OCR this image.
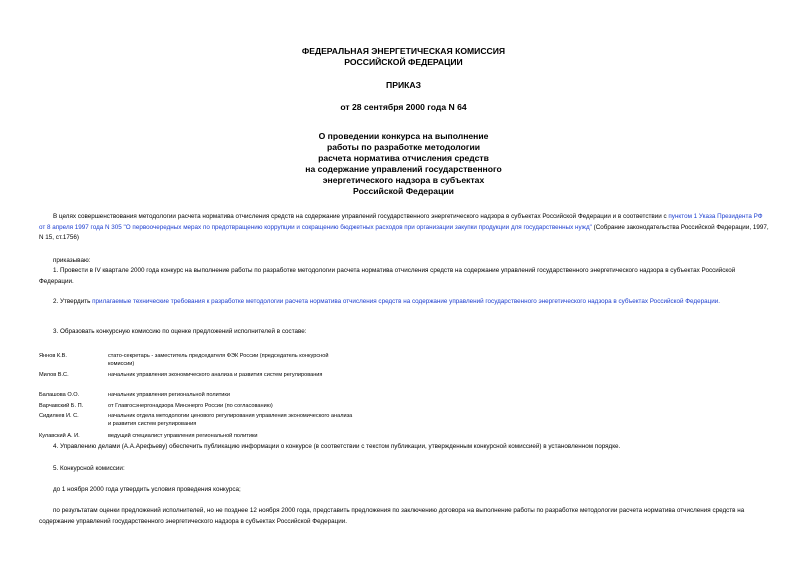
ФЕДЕРАЛЬНАЯ ЭНЕРГЕТИЧЕСКАЯ КОМИССИЯ
РОССИЙСКОЙ ФЕДЕРАЦИИ
ПРИКАЗ
от 28 сентября 2000 года N 64
О проведении конкурса на выполнение
работы по разработке методологии
расчета норматива отчисления средств
на содержание управлений государственного
энергетического надзора в субъектах
Российской Федерации
В целях совершенствования методологии расчета норматива отчисления средств на содержание управлений государственного энергетического надзора в субъектах Российской Федерации и в соответствии с пунктом 1 Указа Президента РФ от 8 апреля 1997 года N 305 "О первоочередных мерах по предотвращению коррупции и сокращению бюджетных расходов при организации закупки продукции для государственных нужд" (Собрание законодательства Российской Федерации, 1997, N 15, ст.1756)
приказываю:
1. Провести в IV квартале 2000 года конкурс на выполнение работы по разработке методологии расчета норматива отчисления средств на содержание управлений государственного энергетического надзора в субъектах Российской Федерации.
2. Утвердить прилагаемые технические требования к разработке методологии расчета норматива отчисления средств на содержание управлений государственного энергетического надзора в субъектах Российской Федерации.
3. Образовать конкурсную комиссию по оценке предложений исполнителей в составе:
Яннов К.В.	стато-секретарь - заместитель председателя ФЭК России (председатель конкурсной комиссии)
Милов В.С.	начальник управления экономического анализа и развития систем регулирования
Балашова О.О.	начальник управления региональной политики
Варчавский Б. П.	от Главгосэнергонадзора Минэнерго России (по согласованию)
Сидилкев И. С.	начальник отдела методологии ценового регулирования управления экономического анализа и развития систем регулирования
Кулавский А. И.	ведущий специалист управления региональной политики
4. Управлению делами (А.А.Арефьеву) обеспечить публикацию информации о конкурсе (в соответствии с текстом публикации, утвержденным конкурсной комиссией) в установленном порядке.
5. Конкурсной комиссии:
до 1 ноября 2000 года утвердить условия проведения конкурса;
по результатам оценки предложений исполнителей, но не позднее 12 ноября 2000 года, представить предложения по заключению договора на выполнение работы по разработке методологии расчета норматива отчисления средств на содержание управлений государственного энергетического надзора в субъектах Российской Федерации.
